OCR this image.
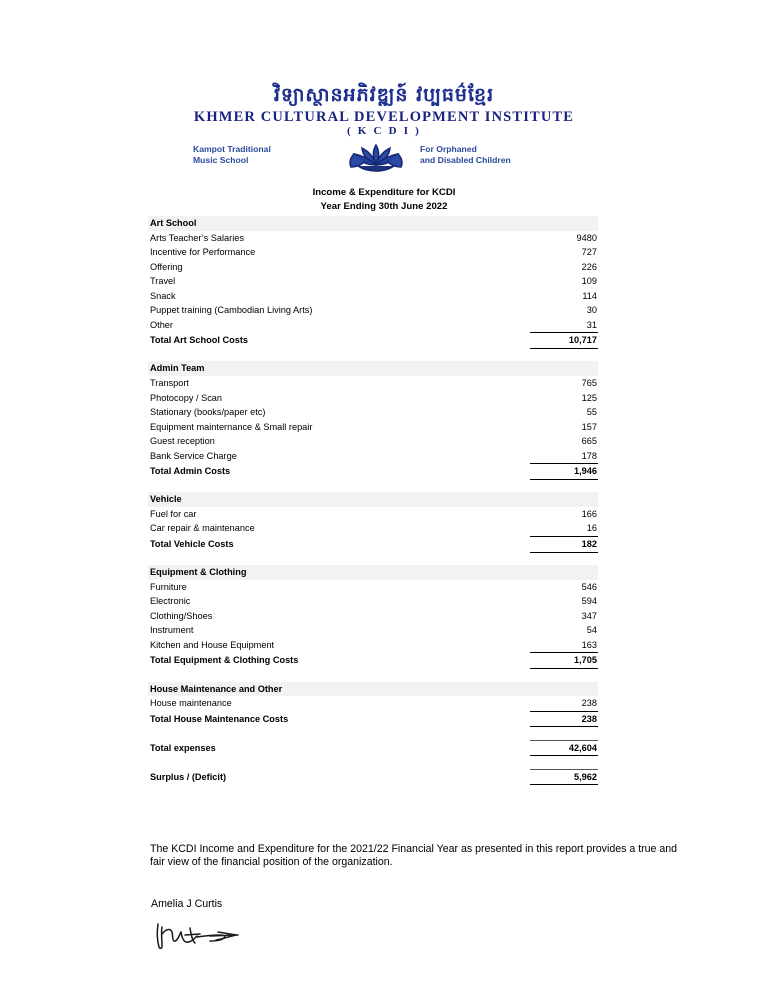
វិទ្យាស្ថានអភិវឌ្ឍន៍ វប្បធម៌ខ្មែរ
KHMER CULTURAL DEVELOPMENT INSTITUTE
( K C D I )
Kampot Traditional
Music School
For Orphaned
and Disabled Children
Income & Expenditure for KCDI
Year Ending 30th June 2022
Art School
Arts Teacher’s Salaries	9480
Incentive for Performance	727
Offering	226
Travel	109
Snack	114
Puppet training (Cambodian Living Arts)	30
Other	31
Total Art School Costs	10,717
Admin Team
Transport	765
Photocopy / Scan	125
Stationary (books/paper etc)	55
Equipment mainternance & Small repair	157
Guest reception	665
Bank Service Charge	178
Total Admin Costs	1,946
Vehicle
Fuel for car	166
Car repair & maintenance	16
Total Vehicle Costs	182
Equipment & Clothing
Furniture	546
Electronic	594
Clothing/Shoes	347
Instrument	54
Kitchen and House Equipment	163
Total Equipment & Clothing Costs	1,705
House Maintenance and Other
House maintenance	238
Total House Maintenance Costs	238
Total expenses	42,604
Surplus / (Deficit)	5,962
The KCDI Income and Expenditure for the 2021/22 Financial Year as presented in this report provides a true and fair view of the financial position of the organization.
Amelia J Curtis
